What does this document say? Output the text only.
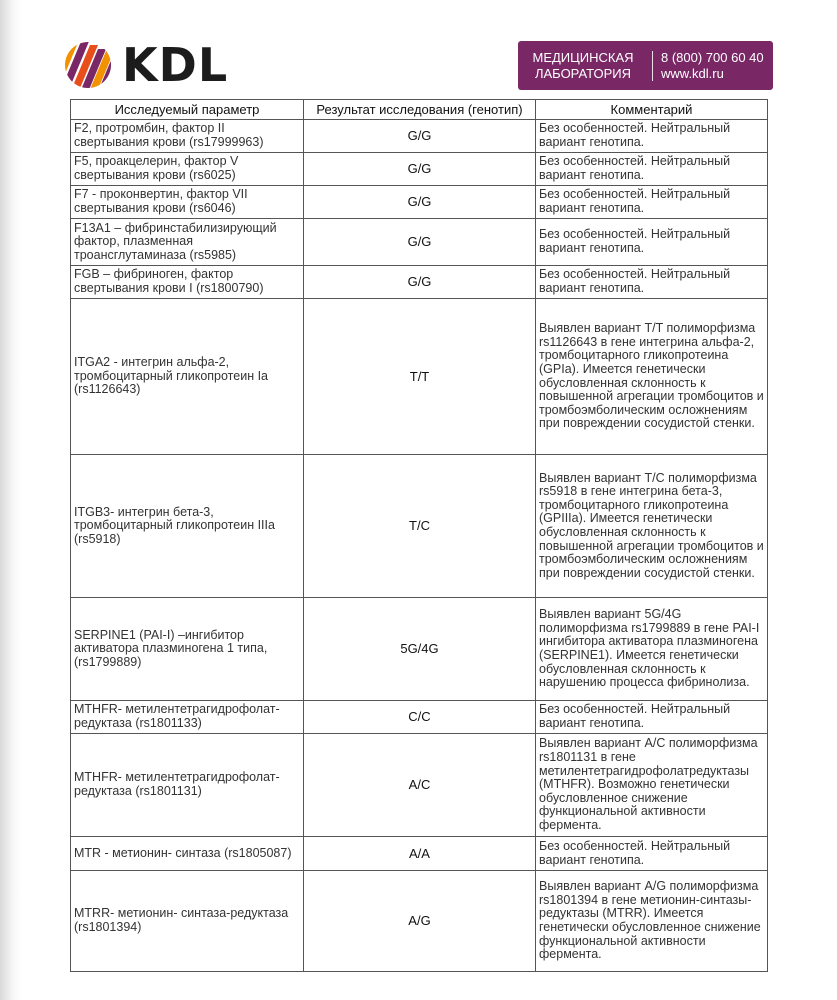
KDL	МЕДИЦИНСКАЯ
ЛАБОРАТОРИЯ
8 (800) 700 60 40
www.kdl.ru
Исследуемый параметр	Результат исследования (генотип)	Комментарий
F2, протромбин, фактор II свертывания крови (rs17999963)	G/G	Без особенностей. Нейтральный вариант генотипа.
F5, проакцелерин, фактор V свертывания крови (rs6025)	G/G	Без особенностей. Нейтральный вариант генотипа.
F7 - проконвертин, фактор VII свертывания крови (rs6046)	G/G	Без особенностей. Нейтральный вариант генотипа.
F13A1 – фибринстабилизирующий фактор, плазменная троансглутаминаза (rs5985)	G/G	Без особенностей. Нейтральный вариант генотипа.
FGB – фибриноген, фактор свертывания крови I (rs1800790)	G/G	Без особенностей. Нейтральный вариант генотипа.
ITGA2 - интегрин альфа-2, тромбоцитарный гликопротеин Ia (rs1126643)	T/T	Выявлен вариант T/T полиморфизма rs1126643 в гене интегрина альфа-2, тромбоцитарного гликопротеина (GPIa). Имеется генетически обусловленная склонность к повышенной агрегации тромбоцитов и тромбоэмболическим осложнениям при повреждении сосудистой стенки.
ITGB3- интегрин бета-3, тромбоцитарный гликопротеин IIIa (rs5918)	T/C	Выявлен вариант T/C полиморфизма rs5918 в гене интегрина бета-3, тромбоцитарного гликопротеина (GPIIIa). Имеется генетически обусловленная склонность к повышенной агрегации тромбоцитов и тромбоэмболическим осложнениям при повреждении сосудистой стенки.
SERPINE1 (PAI-I) –ингибитор активатора плазминогена 1 типа, (rs1799889)	5G/4G	Выявлен вариант 5G/4G полиморфизма rs1799889 в гене PAI-I ингибитора активатора плазминогена (SERPINE1). Имеется генетически обусловленная склонность к нарушению процесса фибринолиза.
MTHFR- метилентетрагидрофолат-редуктаза (rs1801133)	C/C	Без особенностей. Нейтральный вариант генотипа.
MTHFR- метилентетрагидрофолат-редуктаза (rs1801131)	A/C	Выявлен вариант A/C полиморфизма rs1801131 в гене метилентетрагидрофолатредуктазы (MTHFR). Возможно генетически обусловленное снижение функциональной активности фермента.
MTR - метионин- синтаза (rs1805087)	A/A	Без особенностей. Нейтральный вариант генотипа.
MTRR- метионин- синтаза-редуктаза (rs1801394)	A/G	Выявлен вариант A/G полиморфизма rs1801394 в гене метионин-синтазы-редуктазы (MTRR). Имеется генетически обусловленное снижение функциональной активности фермента.
